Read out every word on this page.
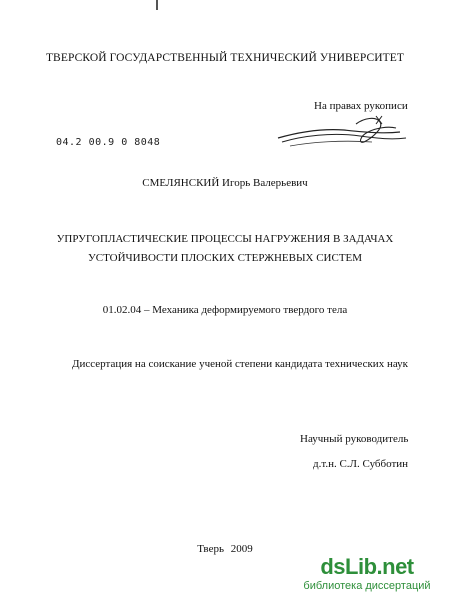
ТВЕРСКОЙ ГОСУДАРСТВЕННЫЙ ТЕХНИЧЕСКИЙ УНИВЕРСИТЕТ
На правах рукописи
04.2 00.9 0 8048
СМЕЛЯНСКИЙ Игорь Валерьевич
УПРУГОПЛАСТИЧЕСКИЕ ПРОЦЕССЫ НАГРУЖЕНИЯ В ЗАДАЧАХ
УСТОЙЧИВОСТИ ПЛОСКИХ СТЕРЖНЕВЫХ СИСТЕМ
01.02.04 – Механика деформируемого твердого тела
Диссертация на соискание ученой степени кандидата технических наук
Научный руководитель
д.т.н. С.Л. Субботин
Тверь 2009
dsLib.net
библиотека диссертаций
